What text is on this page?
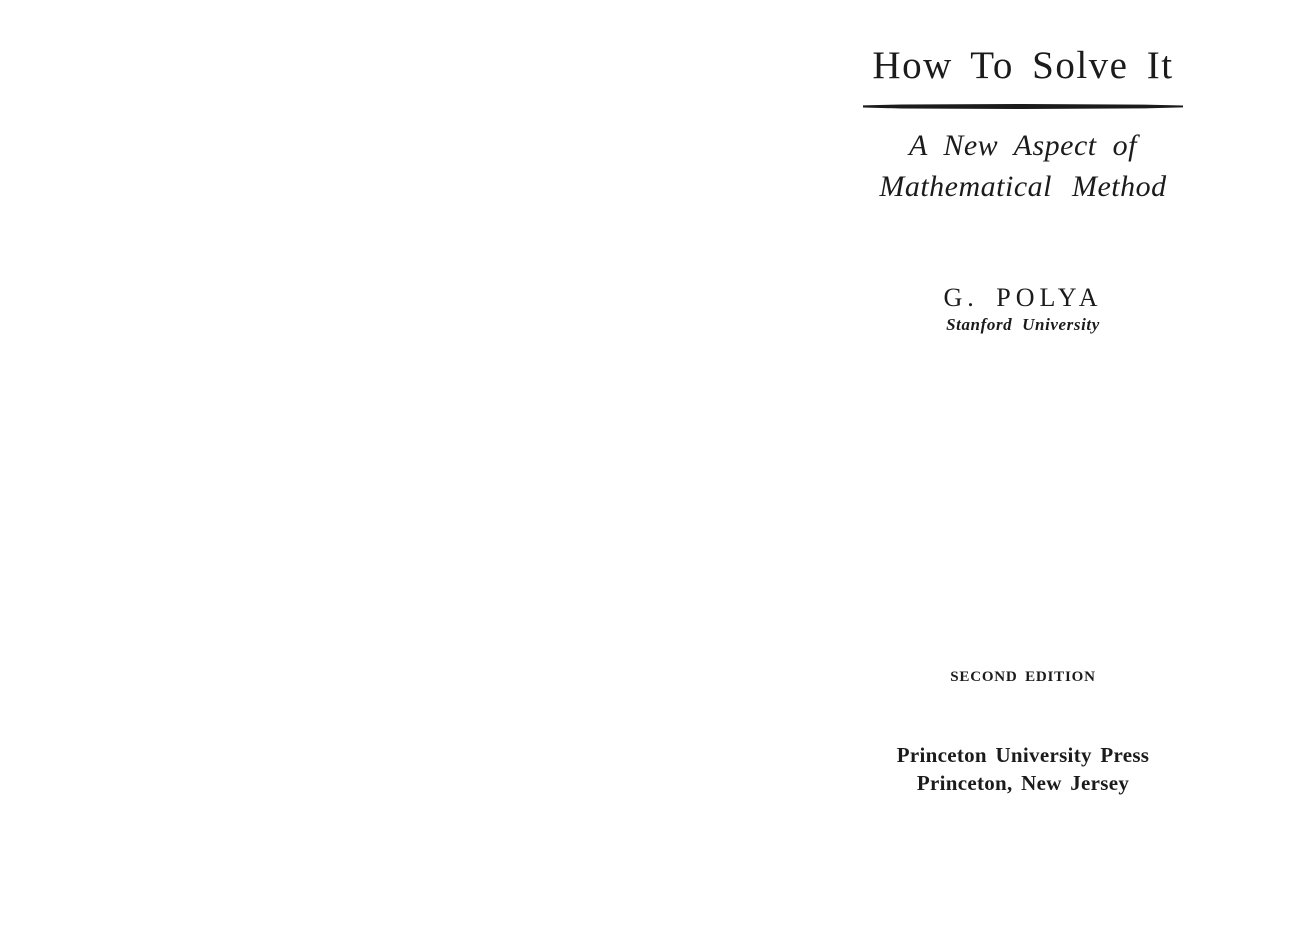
How To Solve It
A New Aspect of
Mathematical Method
G. POLYA
Stanford University
SECOND EDITION
Princeton University Press
Princeton, New Jersey
